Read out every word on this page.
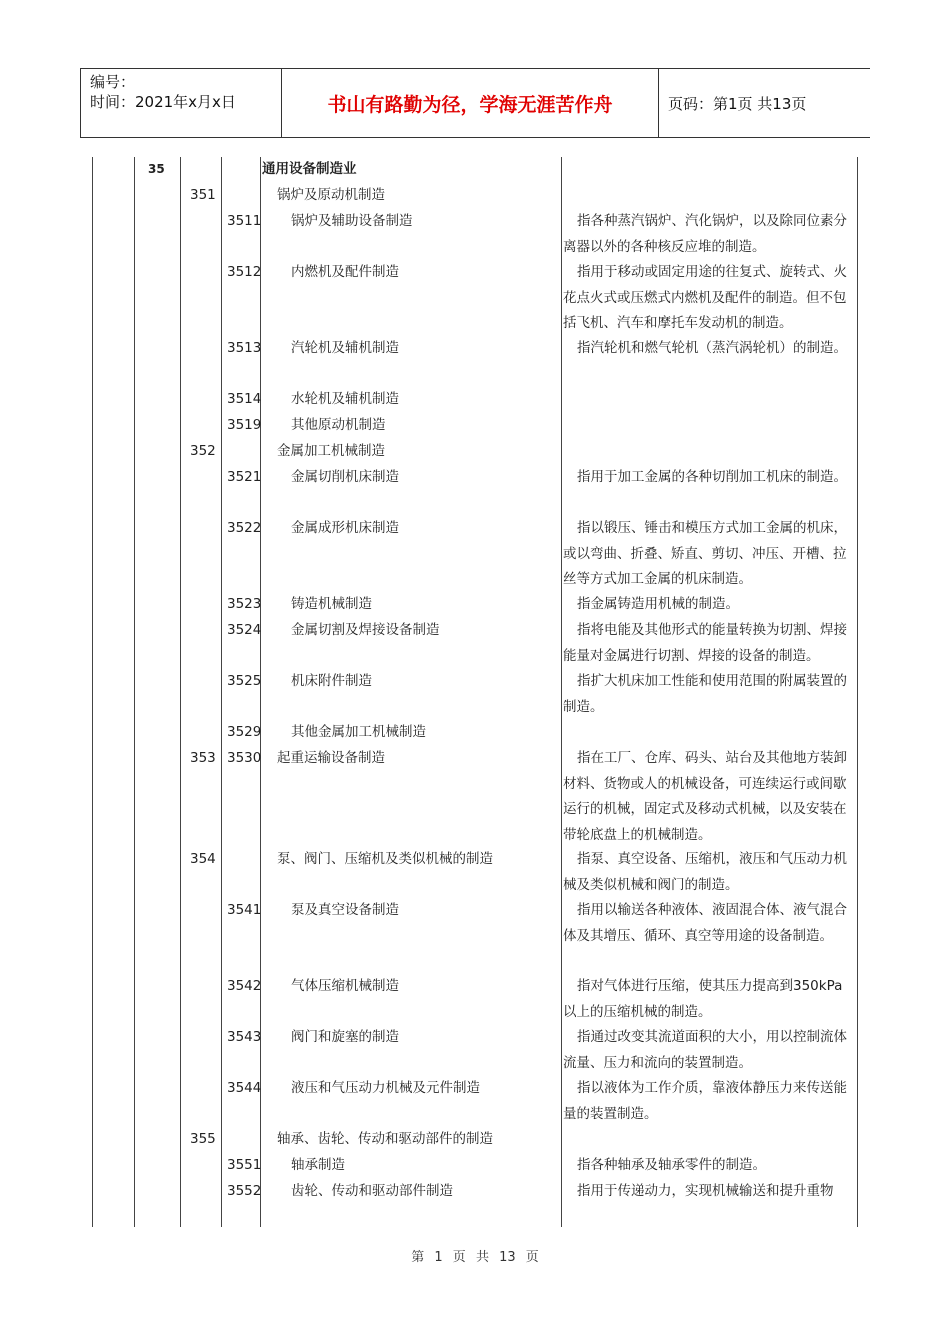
编号：
时间：2021年x月x日	书山有路勤为径，学海无涯苦作舟	页码：第1页 共13页
35	通用设备制造业
351	锅炉及原动机制造
3511 锅炉及辅助设备制造	指各种蒸汽锅炉、汽化锅炉，以及除同位素分离器以外的各种核反应堆的制造。
3512 内燃机及配件制造	指用于移动或固定用途的往复式、旋转式、火花点火式或压燃式内燃机及配件的制造。但不包括飞机、汽车和摩托车发动机的制造。
3513 汽轮机及辅机制造	指汽轮机和燃气轮机（蒸汽涡轮机）的制造。
3514 水轮机及辅机制造
3519 其他原动机制造
352	金属加工机械制造
3521 金属切削机床制造	指用于加工金属的各种切削加工机床的制造。
3522 金属成形机床制造	指以锻压、锤击和模压方式加工金属的机床，或以弯曲、折叠、矫直、剪切、冲压、开槽、拉丝等方式加工金属的机床制造。
3523 铸造机械制造	指金属铸造用机械的制造。
3524 金属切割及焊接设备制造	指将电能及其他形式的能量转换为切割、焊接能量对金属进行切割、焊接的设备的制造。
3525 机床附件制造	指扩大机床加工性能和使用范围的附属装置的制造。
3529 其他金属加工机械制造
353 3530 起重运输设备制造	指在工厂、仓库、码头、站台及其他地方装卸材料、货物或人的机械设备，可连续运行或间歇运行的机械，固定式及移动式机械，以及安装在带轮底盘上的机械制造。
354	泵、阀门、压缩机及类似机械的制造	指泵、真空设备、压缩机，液压和气压动力机械及类似机械和阀门的制造。
3541 泵及真空设备制造	指用以输送各种液体、液固混合体、液气混合体及其增压、循环、真空等用途的设备制造。
3542 气体压缩机械制造	指对气体进行压缩，使其压力提高到350kPa以上的压缩机械的制造。
3543 阀门和旋塞的制造	指通过改变其流道面积的大小，用以控制流体流量、压力和流向的装置制造。
3544 液压和气压动力机械及元件制造	指以液体为工作介质，靠液体静压力来传送能量的装置制造。
355	轴承、齿轮、传动和驱动部件的制造
3551 轴承制造	指各种轴承及轴承零件的制造。
3552 齿轮、传动和驱动部件制造	指用于传递动力，实现机械输送和提升重物
第 1 页 共 13 页
